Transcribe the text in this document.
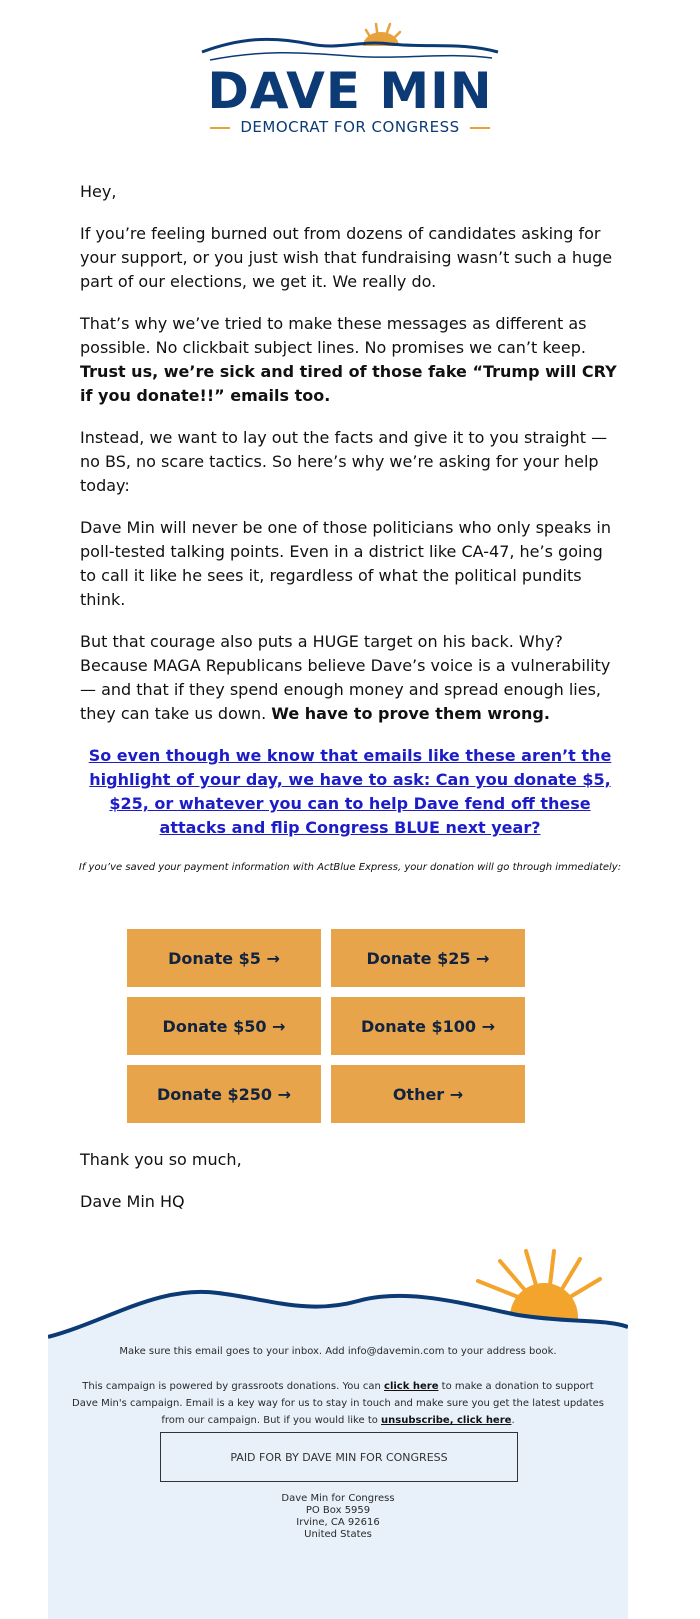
DAVE MIN
DEMOCRAT FOR CONGRESS

Hey,

If you’re feeling burned out from dozens of candidates asking for your support, or you just wish that fundraising wasn’t such a huge part of our elections, we get it. We really do.

That’s why we’ve tried to make these messages as different as possible. No clickbait subject lines. No promises we can’t keep. Trust us, we’re sick and tired of those fake “Trump will CRY if you donate!!” emails too.

Instead, we want to lay out the facts and give it to you straight — no BS, no scare tactics. So here’s why we’re asking for your help today:

Dave Min will never be one of those politicians who only speaks in poll-tested talking points. Even in a district like CA-47, he’s going to call it like he sees it, regardless of what the political pundits think.

But that courage also puts a HUGE target on his back. Why? Because MAGA Republicans believe Dave’s voice is a vulnerability — and that if they spend enough money and spread enough lies, they can take us down. We have to prove them wrong.

So even though we know that emails like these aren’t the highlight of your day, we have to ask: Can you donate $5, $25, or whatever you can to help Dave fend off these attacks and flip Congress BLUE next year?

If you’ve saved your payment information with ActBlue Express, your donation will go through immediately:

Donate $5 →	Donate $25 →
Donate $50 →	Donate $100 →
Donate $250 →	Other →
Thank you so much,
Dave Min HQ
Make sure this email goes to your inbox. Add info@davemin.com to your address book.
This campaign is powered by grassroots donations. You can click here to make a donation to support Dave Min's campaign. Email is a key way for us to stay in touch and make sure you get the latest updates from our campaign. But if you would like to unsubscribe, click here.
PAID FOR BY DAVE MIN FOR CONGRESS
Dave Min for Congress
PO Box 5959
Irvine, CA 92616
United States
